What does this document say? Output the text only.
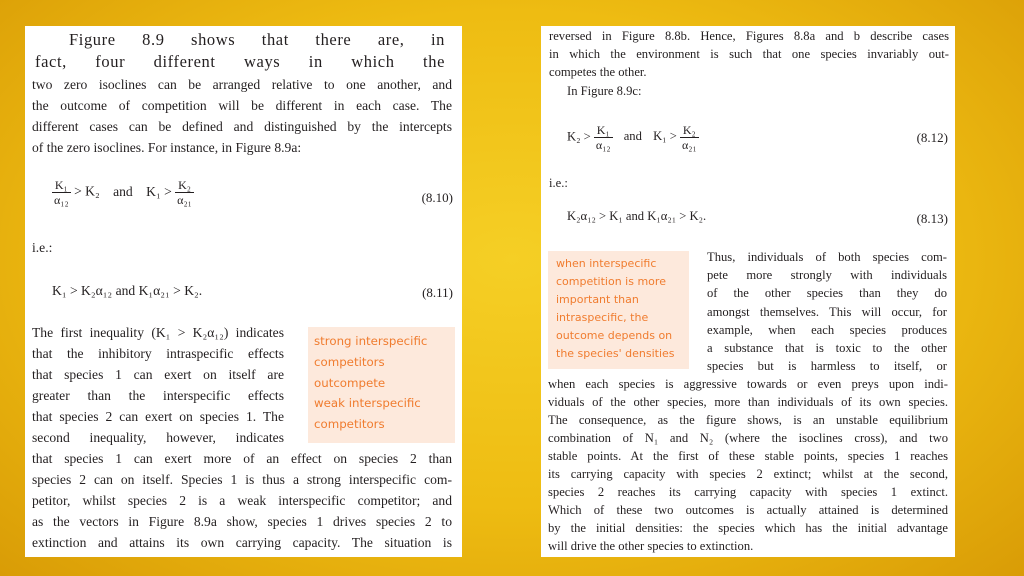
Figure 8.9 shows that there are, in

fact, four different ways in which the

two zero isoclines can be arranged relative to one another, and

the outcome of competition will be different in each case. The

different cases can be defined and distinguished by the intercepts

of the zero isoclines. For instance, in Figure 8.9a:

$\frac{\text{K₁}}{\text{α₁₂}} > K_2$ and $K_1 > \frac{\text{K₂}}{\text{α₂₁}}$	(8.10)

i.e.:

K₁ > K₂α₁₂ and K₁α₂₁ > K₂.	(8.11)

The first inequality (K₁ > K₂α₁₂) indicates

that the inhibitory intraspecific effects

that species 1 can exert on itself are

greater than the interspecific effects

that species 2 can exert on species 1. The

second inequality, however, indicates

strong interspecific
competitors
outcompete
weak interspecific
competitors

that species 1 can exert more of an effect on species 2 than

species 2 can on itself. Species 1 is thus a strong interspecific com-

petitor, whilst species 2 is a weak interspecific competitor; and

as the vectors in Figure 8.9a show, species 1 drives species 2 to

extinction and attains its own carrying capacity. The situation is

reversed in Figure 8.8b. Hence, Figures 8.8a and b describe cases

in which the environment is such that one species invariably out-

competes the other.

In Figure 8.9c:

$K_2 > \frac{\text{K₁}}{\text{α₁₂}}$ and $K_1 > \frac{\text{K₂}}{\text{α₂₁}}$	(8.12)

i.e.:

K₂α₁₂ > K₁ and K₁α₂₁ > K₂.	(8.13)
when interspecific
competition is more
important than
intraspecific, the
outcome depends on
the species' densities

Thus, individuals of both species com-

pete more strongly with individuals

of the other species than they do

amongst themselves. This will occur, for

example, when each species produces

a substance that is toxic to the other

species but is harmless to itself, or

when each species is aggressive towards or even preys upon indi-

viduals of the other species, more than individuals of its own species.

The consequence, as the figure shows, is an unstable equilibrium

combination of N₁ and N₂ (where the isoclines cross), and two

stable points. At the first of these stable points, species 1 reaches

its carrying capacity with species 2 extinct; whilst at the second,

species 2 reaches its carrying capacity with species 1 extinct.

Which of these two outcomes is actually attained is determined

by the initial densities: the species which has the initial advantage

will drive the other species to extinction.
